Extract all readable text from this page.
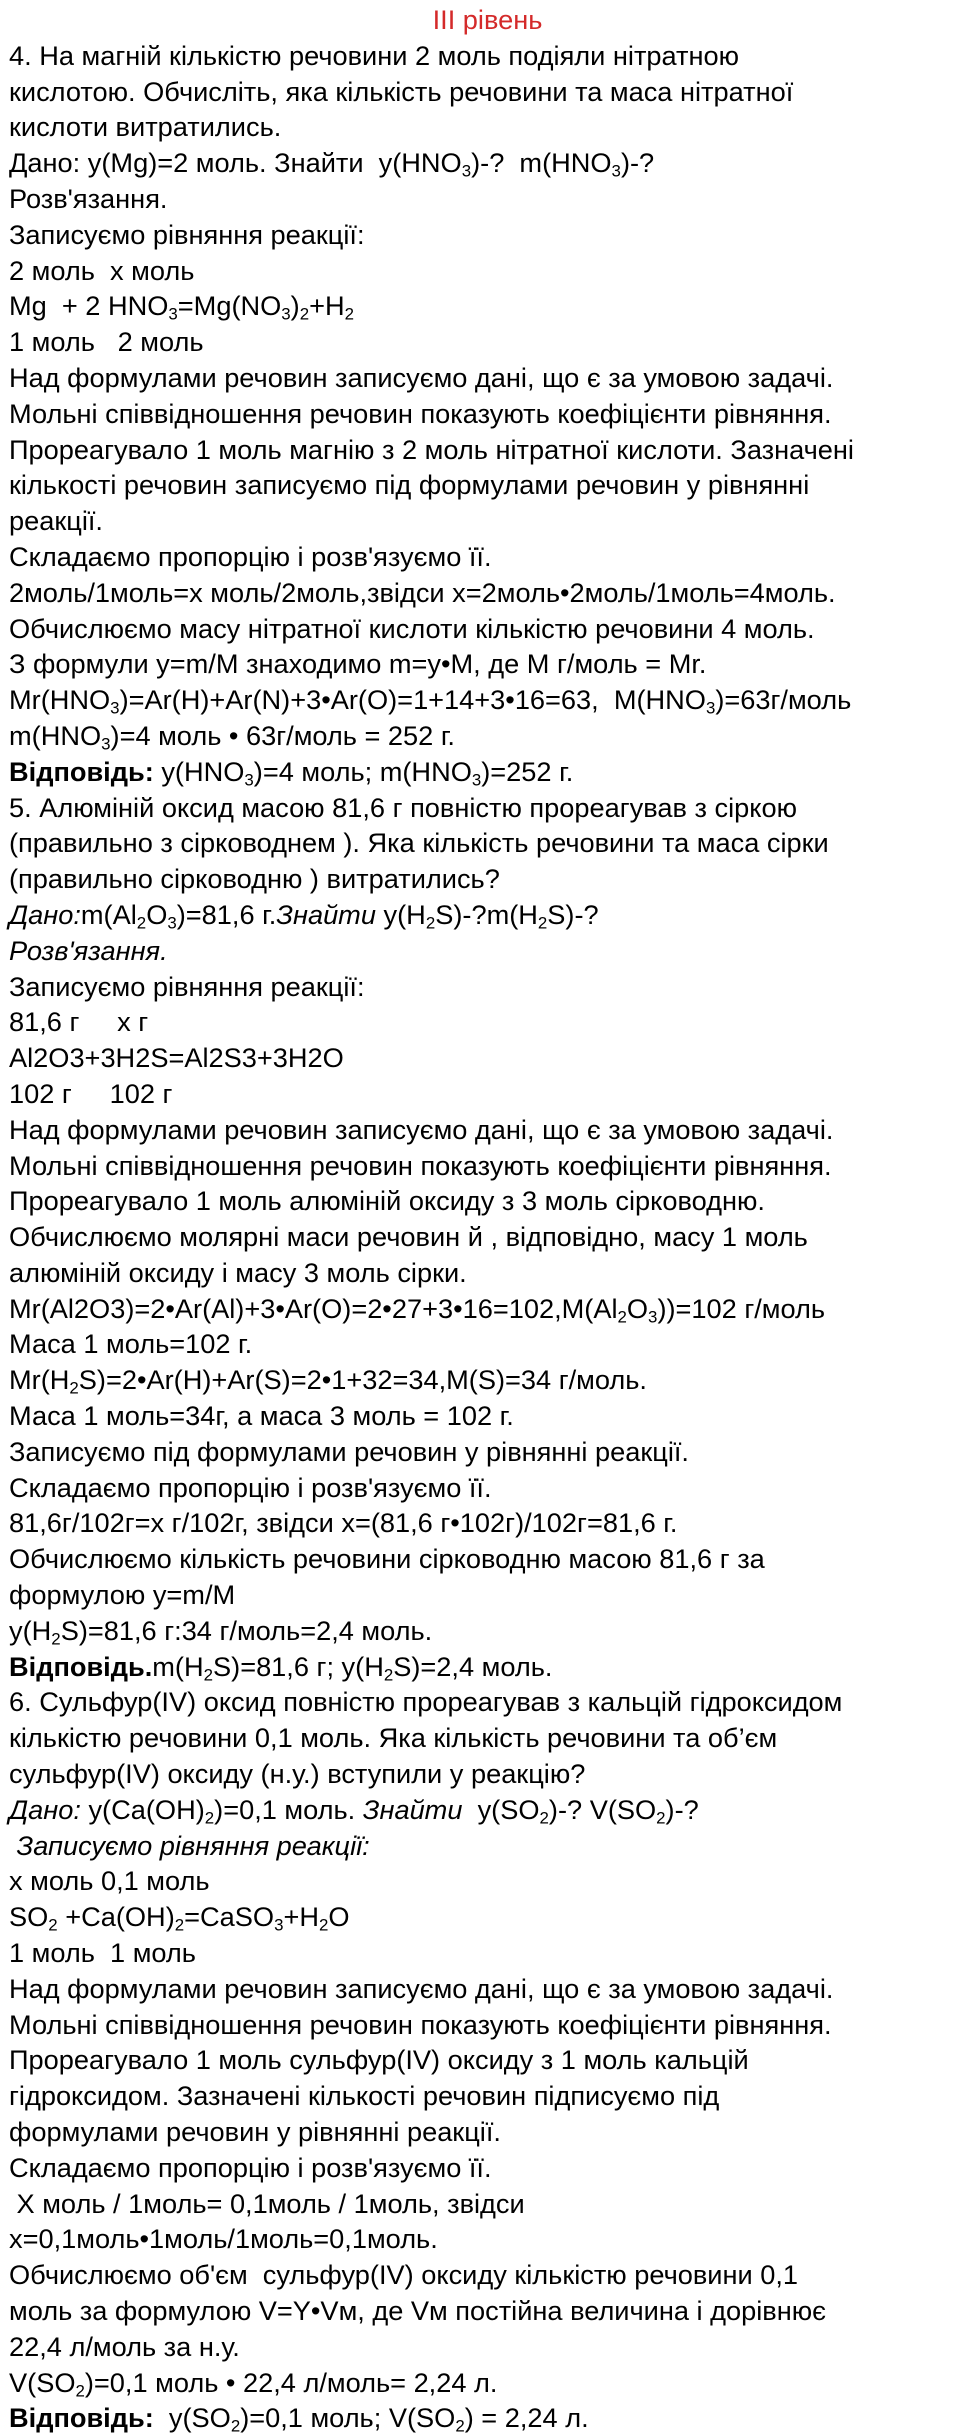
III рівень
4. На магній кількістю речовини 2 моль подіяли нітратною
кислотою. Обчисліть, яка кількість речовини та маса нітратної
кислоти витратились.
Дано: y(Mg)=2 моль. Знайти  $y(HNO_3)-$?  $m(HNO_3)-$?
Розв'язання.
Записуємо рівняння реакції:
2 моль  x моль
Mg  + 2 $HNO_3=Mg(NO_3)_2+H_2$
1 моль   2 моль
Над формулами речовин записуємо дані, що є за умовою задачі.
Мольні співвідношення речовин показують коефіцієнти рівняння.
Прореагувало 1 моль магнію з 2 моль нітратної кислоти. Зазначені
кількості речовин записуємо під формулами речовин у рівнянні
реакції.
Складаємо пропорцію і розв'язуємо її.
2моль/1моль=х моль/2моль,звідси х=2моль•2моль/1моль=4моль.
Обчислюємо масу нітратної кислоти кількістю речовини 4 моль.
З формули y=m/M знаходимо m=y•M, де M г/моль = Mr.
$Mr(HNO_3)=Ar(H)+Ar(N)+3•Ar(O)=1+14+3•16=63$,  $M(HNO_3)=63г$/моль
$m(HNO_3)=4$ моль • 63г/моль = 252 г.
Відповідь: $y(HNO_3)=4$ моль; $m(HNO_3)=252$ г.
5. Алюміній оксид масою 81,6 г повністю прореагував з сіркою
(правильно з сірководнем ). Яка кількість речовини та маса сірки
(правильно сірководню ) витратились?
$Дано:m(Al_2O_3)=81,6$ г.Знайти $y(H_2S)-?m(H_2S)-$?
Розв'язання.
Записуємо рівняння реакції:
81,6 г     x г
Al2O3+3H2S=Al2S3+3H2O
102 г     102 г
Над формулами речовин записуємо дані, що є за умовою задачі.
Мольні співвідношення речовин показують коефіцієнти рівняння.
Прореагувало 1 моль алюміній оксиду з 3 моль сірководню.
Обчислюємо молярні маси речовин й , відповідно, масу 1 моль
алюміній оксиду і масу 3 моль сірки.
$Mr(Al2O3)=2•Ar(Al)+3•Ar(O)=2•27+3•16=102,M(Al_2O_3))=102$ г/моль
Маса 1 моль=102 г.
$Mr(H_2S)=2•Ar(H)+Ar(S)=2•1+32=34,M(S)=34$ г/моль.
Маса 1 моль=34г, а маса 3 моль = 102 г.
Записуємо під формулами речовин у рівнянні реакції.
Складаємо пропорцію і розв'язуємо її.
81,6г/102г=х г/102г, звідси х=(81,6 г•102г)/102г=81,6 г.
Обчислюємо кількість речовини сірководню масою 81,6 г за
формулою y=m/M
$y(H_2S)=81,6$ г:34 г/моль=2,4 моль.
$Відповідь.m(H_2S)=81,6$ г; $y(H_2S)=2,4$ моль.
6. Сульфур(IV) оксид повністю прореагував з кальцій гідроксидом
кількістю речовини 0,1 моль. Яка кількість речовини та об’єм
сульфур(IV) оксиду (н.у.) вступили у реакцію?
Дано: $y(Ca(OH)_2)=0,1$ моль. Знайти  $y(SO_2)-$? $V(SO_2)-$?
Записуємо рівняння реакції:
х моль 0,1 моль
$SO_2$ $+Ca(OH)_2=CaSO_3+H_2O$
1 моль  1 моль
Над формулами речовин записуємо дані, що є за умовою задачі.
Мольні співвідношення речовин показують коефіцієнти рівняння.
Прореагувало 1 моль сульфур(IV) оксиду з 1 моль кальцій
гідроксидом. Зазначені кількості речовин підписуємо під
формулами речовин у рівнянні реакції.
Складаємо пропорцію і розв'язуємо її.
Х моль / 1моль= 0,1моль / 1моль, звідси
х=0,1моль•1моль/1моль=0,1моль.
Обчислюємо об'єм  сульфур(IV) оксиду кількістю речовини 0,1
моль за формулою V=Y•Vм, де Vм постійна величина і дорівнює
22,4 л/моль за н.у.
$V(SO_2)=0,1$ моль • 22,4 л/моль= 2,24 л.
Відповідь:  $y(SO_2)=0,1$ моль; $V(SO_2) = 2,24$ л.
